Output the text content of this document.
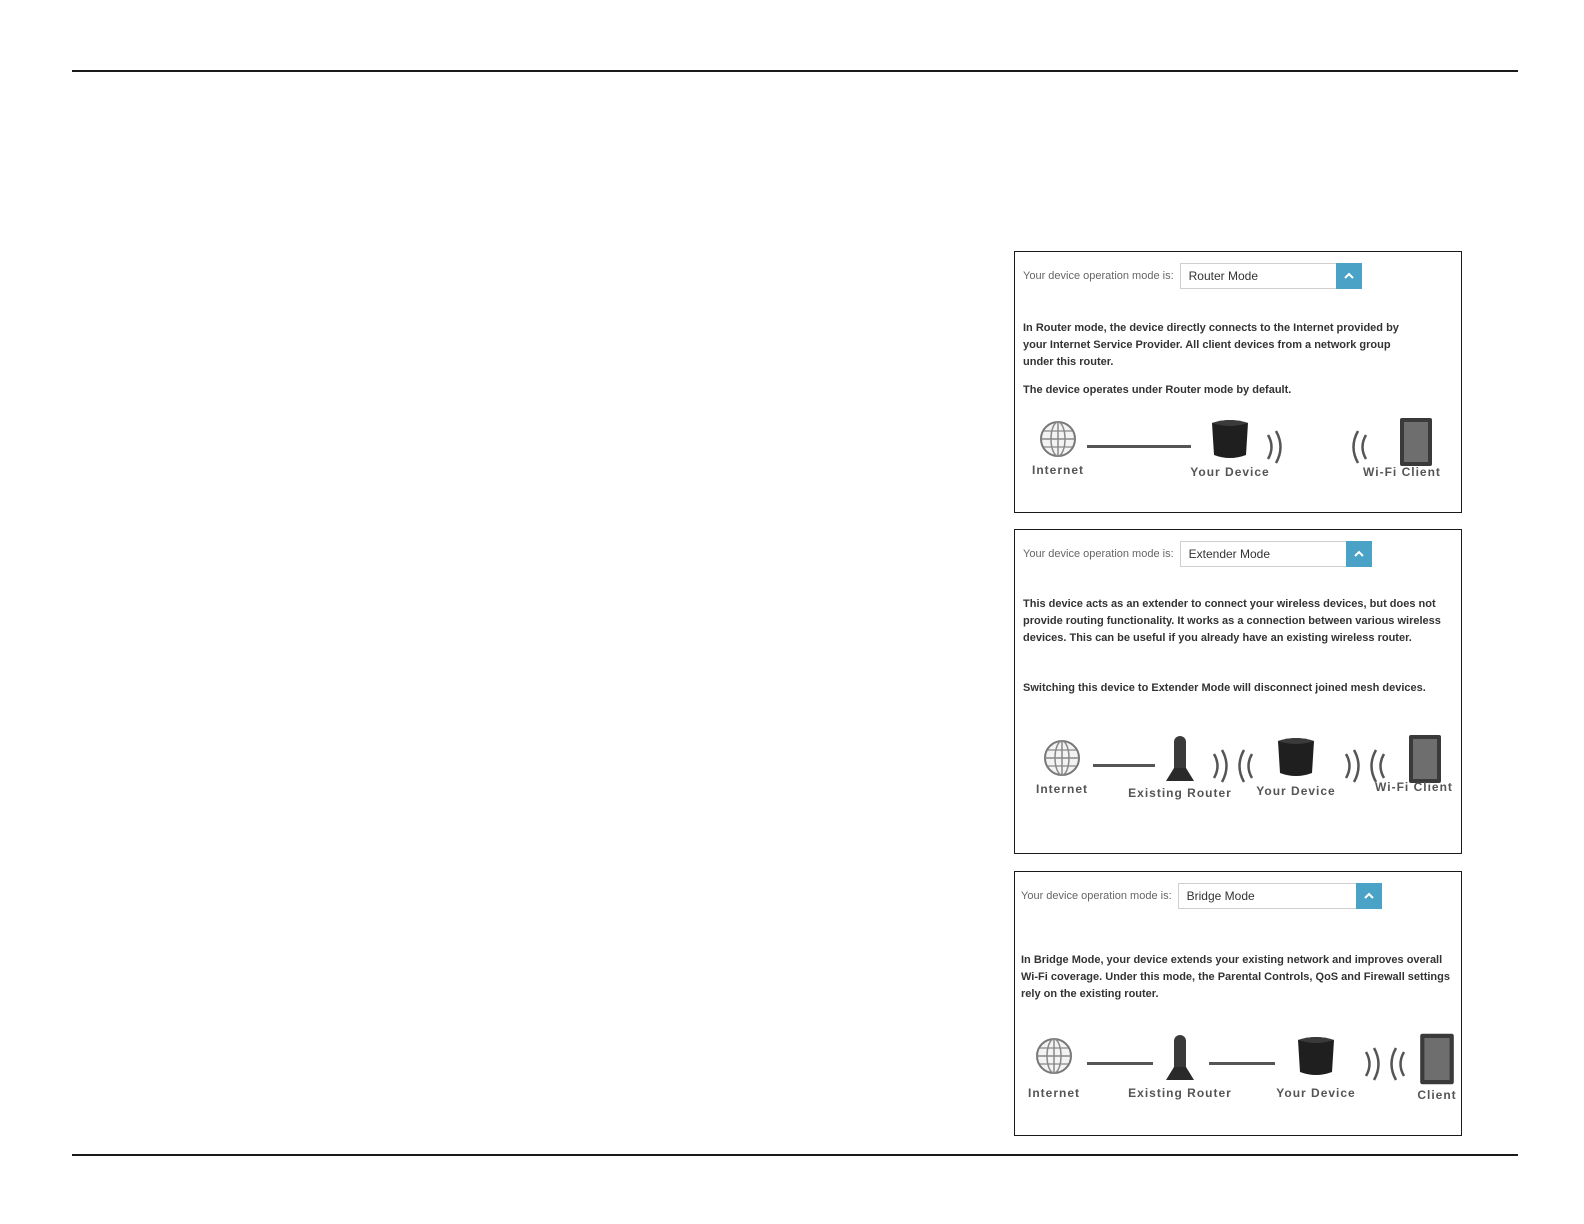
Your device operation mode is:	Router Mode

In Router mode, the device directly connects to the Internet provided by your Internet Service Provider. All client devices from a network group under this router.

The device operates under Router mode by default.

Internet	Your Device	Wi-Fi Client
Your device operation mode is:	Extender Mode

This device acts as an extender to connect your wireless devices, but does not provide routing functionality. It works as a connection between various wireless devices. This can be useful if you already have an existing wireless router.

Switching this device to Extender Mode will disconnect joined mesh devices.

Internet	Existing Router Your Device	Wi-Fi Client
Your device operation mode is:	Bridge Mode

In Bridge Mode, your device extends your existing network and improves overall Wi-Fi coverage. Under this mode, the Parental Controls, QoS and Firewall settings rely on the existing router.

Internet	Existing Router	Your Device	Client
